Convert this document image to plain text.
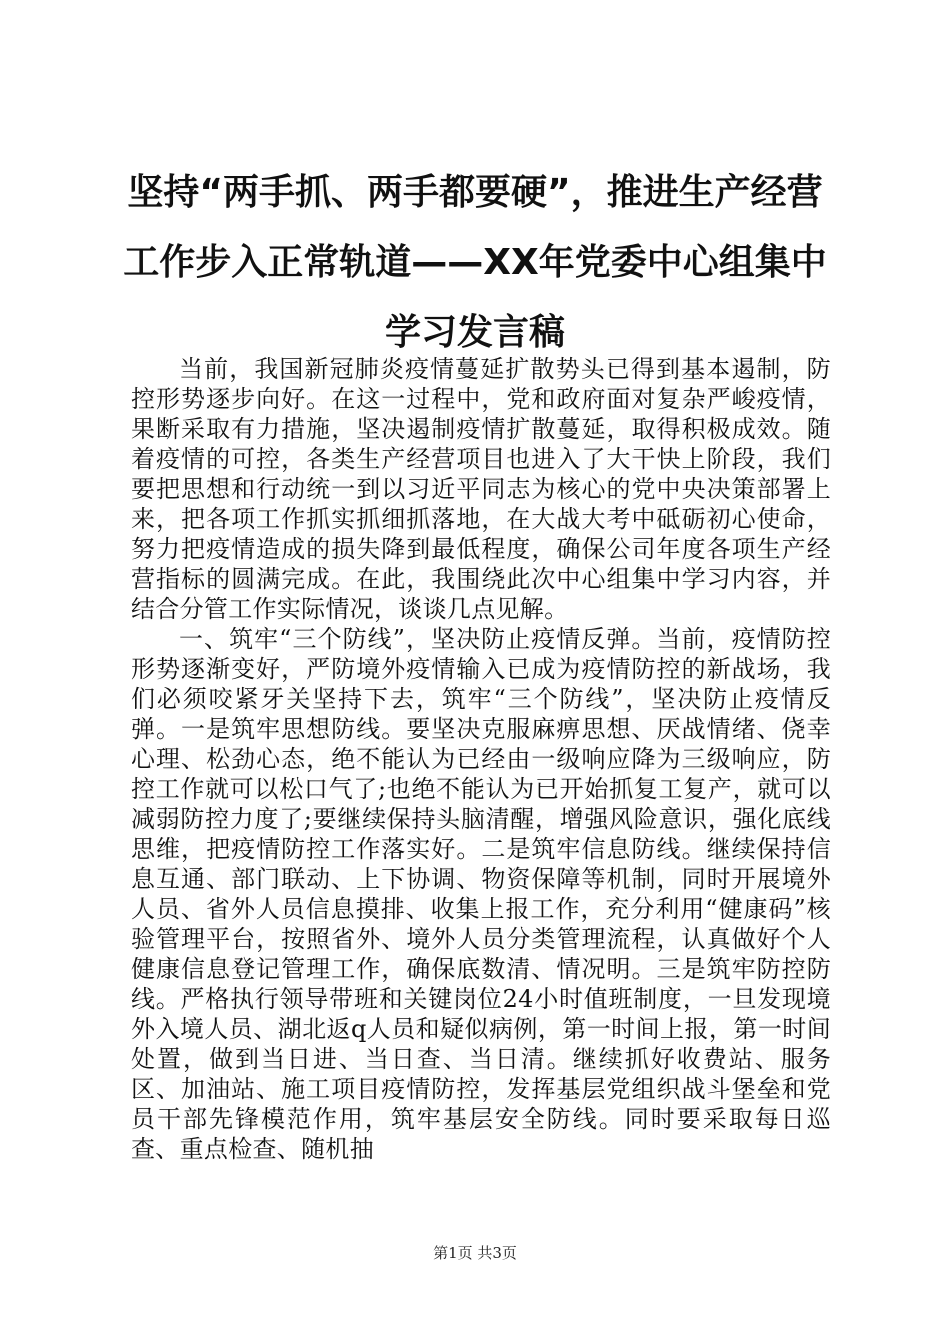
坚持“两手抓、两手都要硬”，推进生产经营
工作步入正常轨道——XX年党委中心组集中
学习发言稿

当前，我国新冠肺炎疫情蔓延扩散势头已得到基本遏制，防控形势逐步向好。在这一过程中，党和政府面对复杂严峻疫情，果断采取有力措施，坚决遏制疫情扩散蔓延，取得积极成效。随着疫情的可控，各类生产经营项目也进入了大干快上阶段，我们要把思想和行动统一到以习近平同志为核心的党中央决策部署上来，把各项工作抓实抓细抓落地，在大战大考中砥砺初心使命，努力把疫情造成的损失降到最低程度，确保公司年度各项生产经营指标的圆满完成。在此，我围绕此次中心组集中学习内容，并结合分管工作实际情况，谈谈几点见解。

一、筑牢“三个防线”，坚决防止疫情反弹。当前，疫情防控形势逐渐变好，严防境外疫情输入已成为疫情防控的新战场，我们必须咬紧牙关坚持下去，筑牢“三个防线”，坚决防止疫情反弹。一是筑牢思想防线。要坚决克服麻痹思想、厌战情绪、侥幸心理、松劲心态，绝不能认为已经由一级响应降为三级响应，防控工作就可以松口气了;也绝不能认为已开始抓复工复产，就可以减弱防控力度了;要继续保持头脑清醒，增强风险意识，强化底线思维，把疫情防控工作落实好。二是筑牢信息防线。继续保持信息互通、部门联动、上下协调、物资保障等机制，同时开展境外人员、省外人员信息摸排、收集上报工作，充分利用“健康码”核验管理平台，按照省外、境外人员分类管理流程，认真做好个人健康信息登记管理工作，确保底数清、情况明。三是筑牢防控防线。严格执行领导带班和关键岗位24小时值班制度，一旦发现境外入境人员、湖北返q人员和疑似病例，第一时间上报，第一时间处置，做到当日进、当日查、当日清。继续抓好收费站、服务区、加油站、施工项目疫情防控，发挥基层党组织战斗堡垒和党员干部先锋模范作用，筑牢基层安全防线。同时要采取每日巡查、重点检查、随机抽

第1页 共3页
